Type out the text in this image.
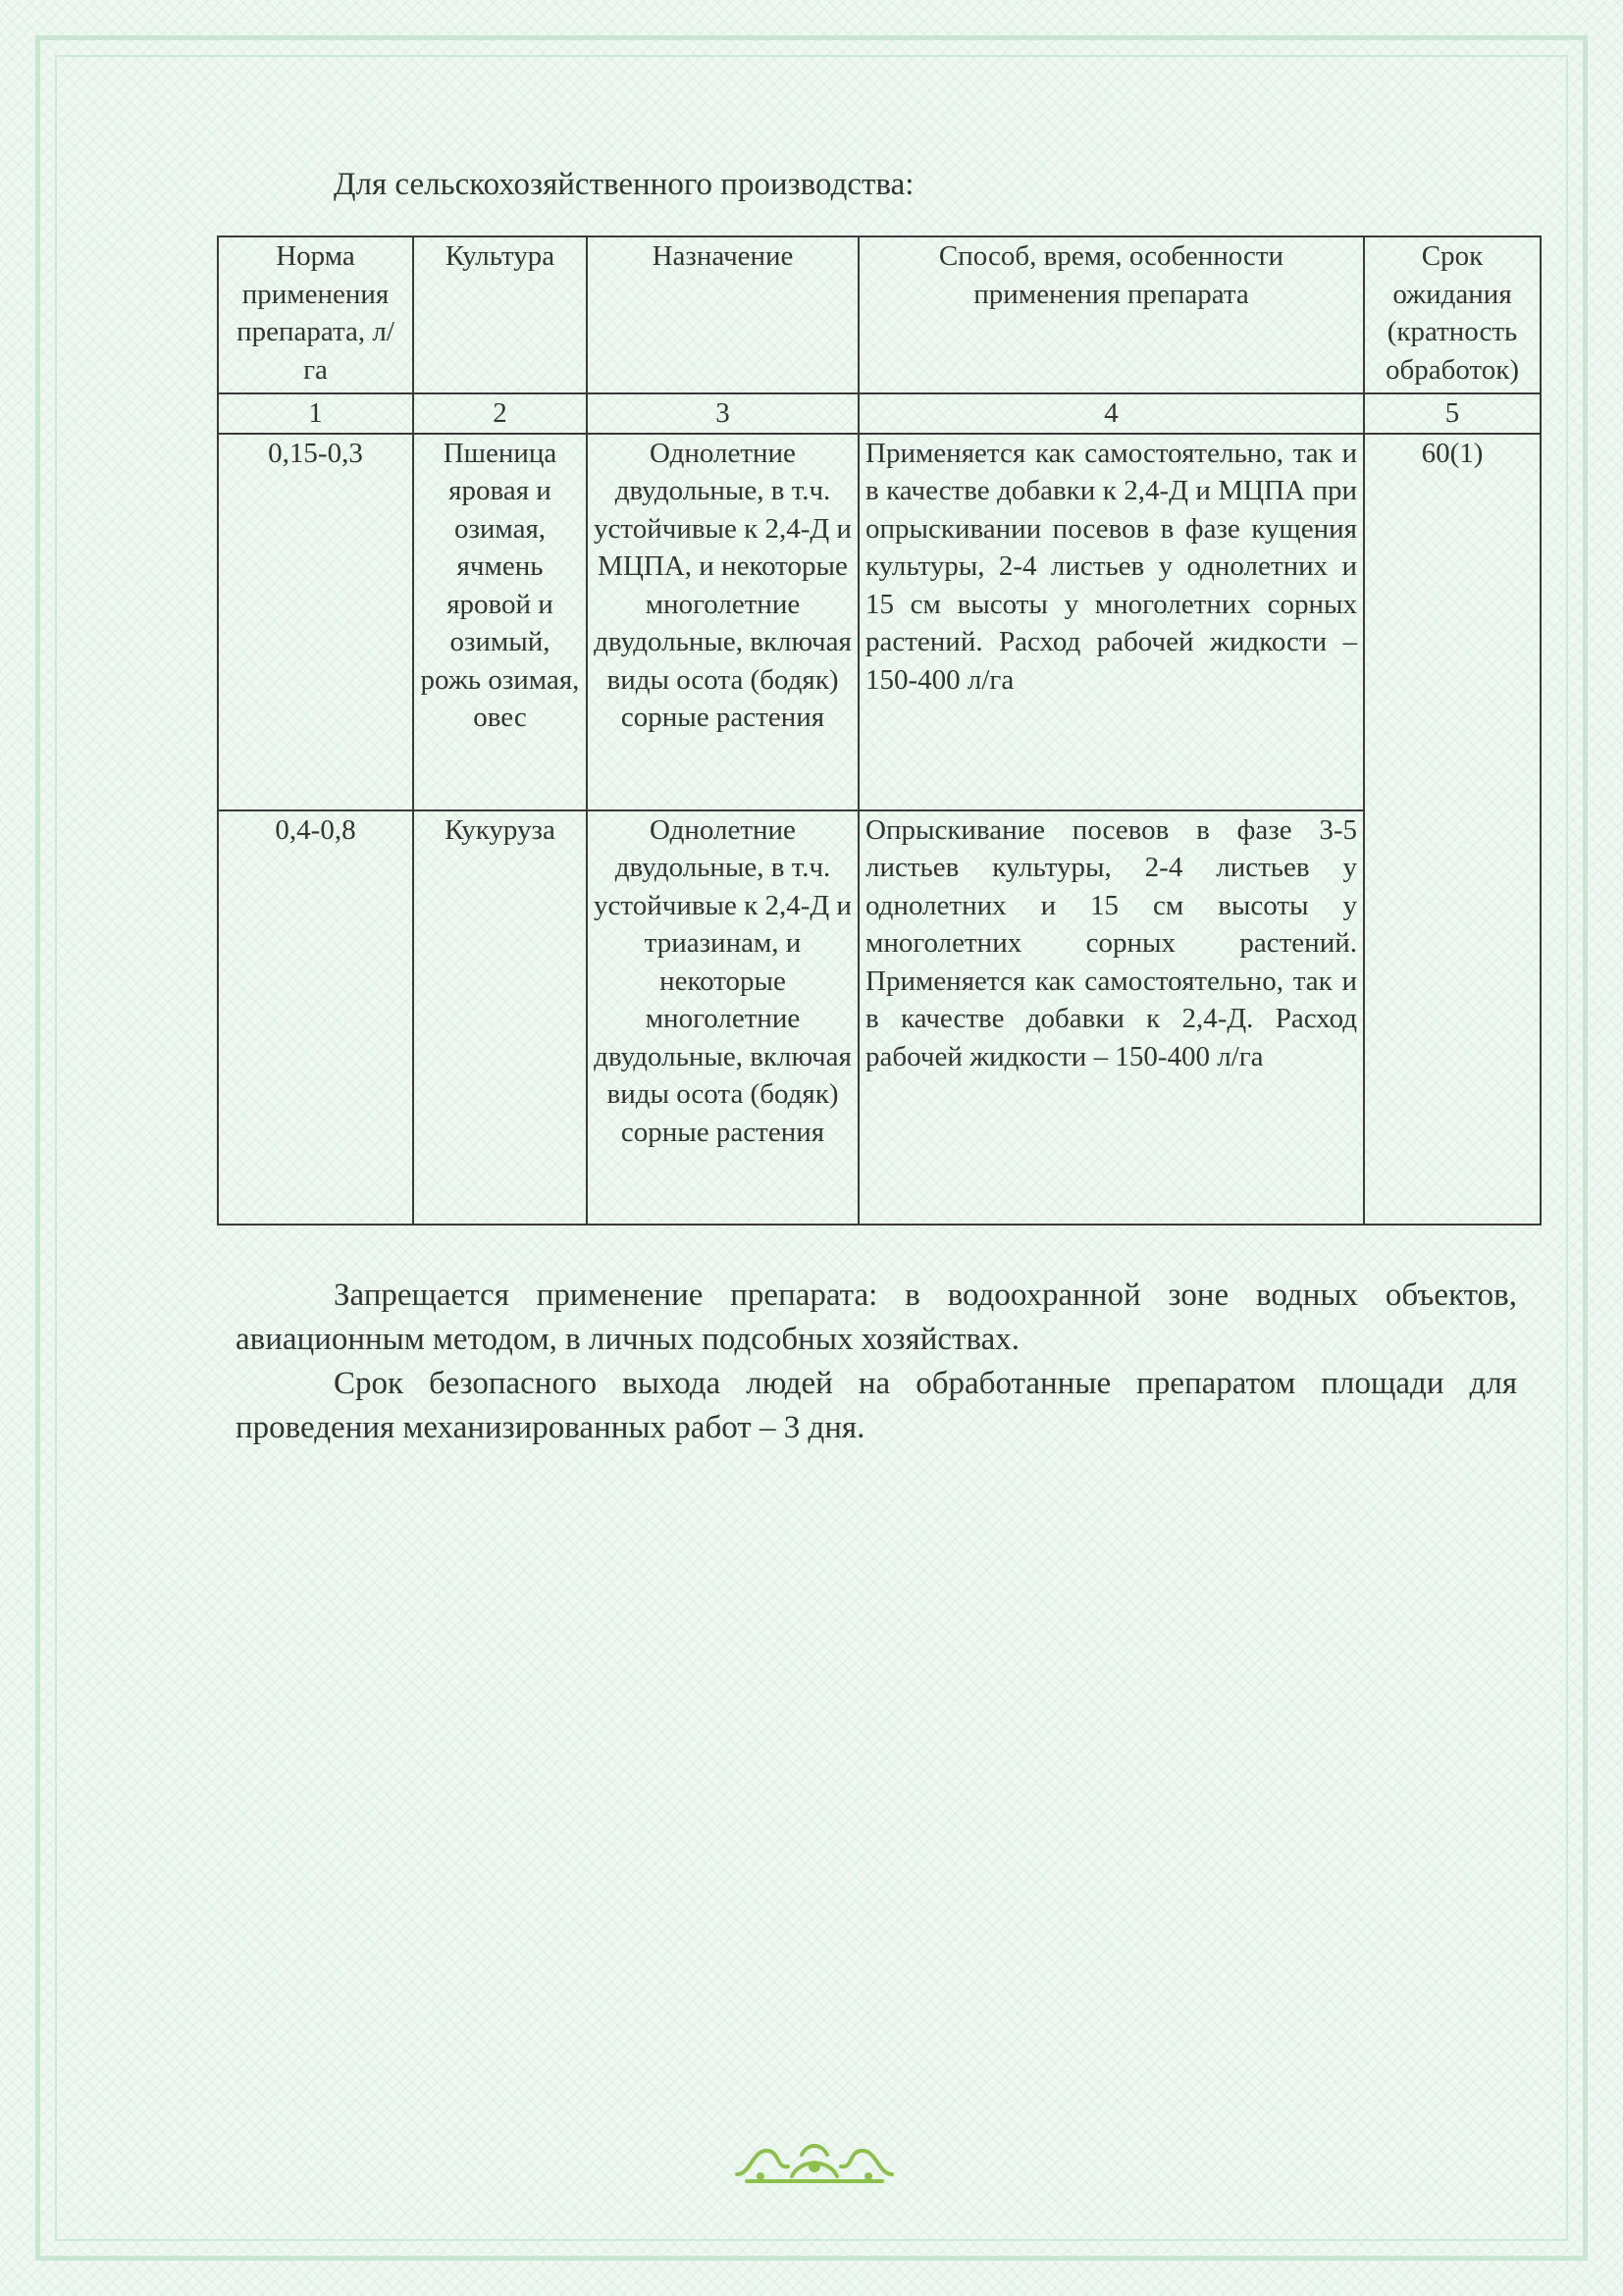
Для сельскохозяйственного производства:
Норма применения препарата, л/га	Культура	Назначение	Способ, время, особенности применения препарата	Срок ожидания (кратность обработок)
1	2	3	4	5
0,15-0,3	Пшеница яровая и озимая, ячмень яровой и озимый, рожь озимая, овес	Однолетние двудольные, в т.ч. устойчивые к 2,4-Д и МЦПА, и некоторые многолетние двудольные, включая виды осота (бодяк) сорные растения	Применяется как самостоятельно, так и в качестве добавки к 2,4-Д и МЦПА при опрыскивании посевов в фазе кущения культуры, 2-4 листьев у однолетних и 15 см высоты у многолетних сорных растений. Расход рабочей жидкости – 150-400 л/га	60(1)
0,4-0,8	Кукуруза	Однолетние двудольные, в т.ч. устойчивые к 2,4-Д и триазинам, и некоторые многолетние двудольные, включая виды осота (бодяк) сорные растения	Опрыскивание посевов в фазе 3-5 листьев культуры, 2-4 листьев у однолетних и 15 см высоты у многолетних сорных растений. Применяется как самостоятельно, так и в качестве добавки к 2,4-Д. Расход рабочей жидкости – 150-400 л/га	

Запрещается применение препарата: в водоохранной зоне водных объектов, авиационным методом, в личных подсобных хозяйствах.

Срок безопасного выхода людей на обработанные препаратом площади для проведения механизированных работ – 3 дня.
